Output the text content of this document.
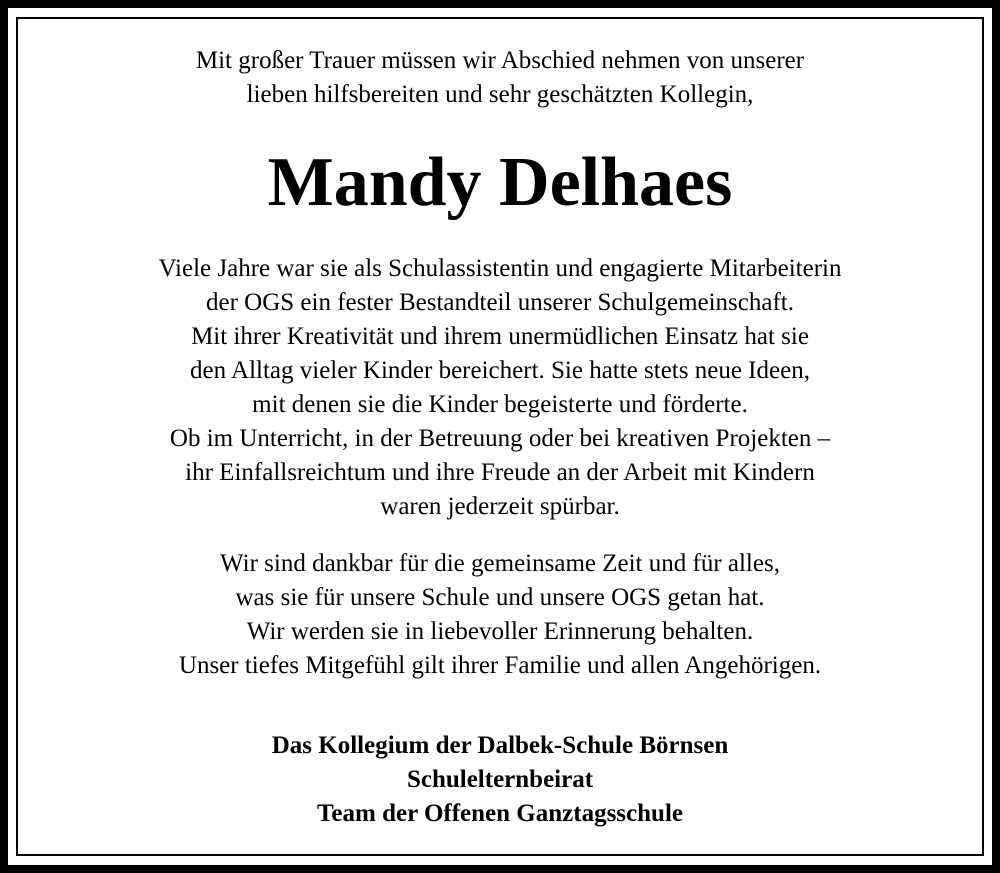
Mit großer Trauer müssen wir Abschied nehmen von unserer
lieben hilfsbereiten und sehr geschätzten Kollegin,
Mandy Delhaes
Viele Jahre war sie als Schulassistentin und engagierte Mitarbeiterin
der OGS ein fester Bestandteil unserer Schulgemeinschaft.
Mit ihrer Kreativität und ihrem unermüdlichen Einsatz hat sie
den Alltag vieler Kinder bereichert. Sie hatte stets neue Ideen,
mit denen sie die Kinder begeisterte und förderte.
Ob im Unterricht, in der Betreuung oder bei kreativen Projekten –
ihr Einfallsreichtum und ihre Freude an der Arbeit mit Kindern
waren jederzeit spürbar.
Wir sind dankbar für die gemeinsame Zeit und für alles,
was sie für unsere Schule und unsere OGS getan hat.
Wir werden sie in liebevoller Erinnerung behalten.
Unser tiefes Mitgefühl gilt ihrer Familie und allen Angehörigen.
Das Kollegium der Dalbek-Schule Börnsen
Schulelternbeirat
Team der Offenen Ganztagsschule
